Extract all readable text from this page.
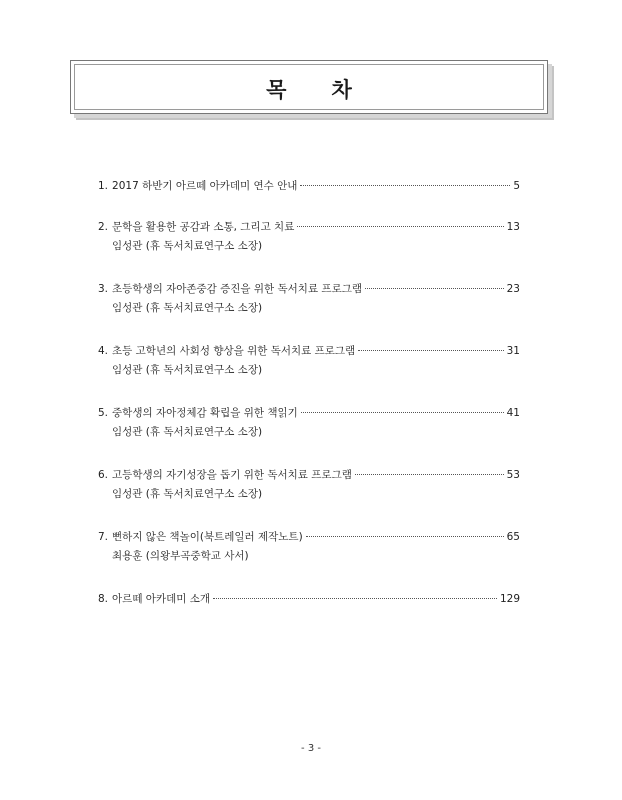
목 차
1. 2017 하반기 아르떼 아카데미 연수 안내	5
2. 문학을 활용한 공감과 소통, 그리고 치료	13
임성관 (휴 독서치료연구소 소장)
3. 초등학생의 자아존중감 증진을 위한 독서치료 프로그램	23
임성관 (휴 독서치료연구소 소장)
4. 초등 고학년의 사회성 향상을 위한 독서치료 프로그램	31
임성관 (휴 독서치료연구소 소장)
5. 중학생의 자아정체감 확립을 위한 책읽기	41
임성관 (휴 독서치료연구소 소장)
6. 고등학생의 자기성장을 돕기 위한 독서치료 프로그램	53
임성관 (휴 독서치료연구소 소장)
7. 뻔하지 않은 책놀이(북트레일러 제작노트)	65
최용훈 (의왕부곡중학교 사서)
8. 아르떼 아카데미 소개	129
- 3 -
